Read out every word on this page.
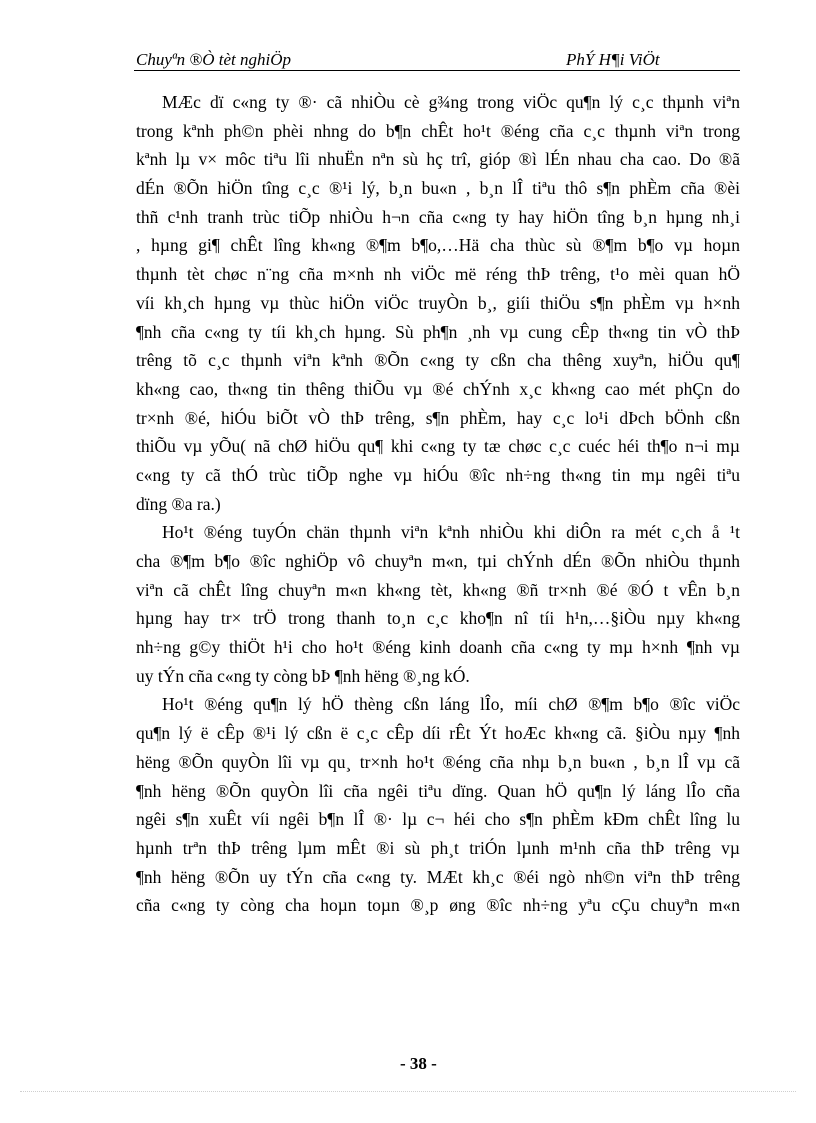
Chuyªn ®Ò tèt nghiÖp	PhÝ H¶i ViÖt
MÆc dï c«ng ty ®· cã nhiÒu cè g¾ng trong viÖc qu¶n lý c¸c thµnh viªn
trong kªnh ph©n phèi nhng do b¶n chÊt ho¹t ®éng cña c¸c thµnh viªn trong
kªnh lµ v× môc tiªu lîi nhuËn nªn sù hç trî, gióp ®ì lÉn nhau cha cao. Do ®ã
dÉn ®Õn hiÖn tîng c¸c ®¹i lý, b¸n bu«n , b¸n lÎ tiªu thô s¶n phÈm cña ®èi
thñ c¹nh tranh trùc tiÕp nhiÒu h¬n cña c«ng ty hay hiÖn tîng b¸n hµng nh¸i
, hµng gi¶ chÊt lîng kh«ng ®¶m b¶o,…Hä cha thùc sù ®¶m b¶o vµ hoµn
thµnh tèt chøc n¨ng cña m×nh nh viÖc më réng thÞ trêng, t¹o mèi quan hÖ
víi kh¸ch hµng vµ thùc hiÖn viÖc truyÒn b¸, giíi thiÖu s¶n phÈm vµ h×nh
¶nh cña c«ng ty tíi kh¸ch hµng. Sù ph¶n ¸nh vµ cung cÊp th«ng tin vÒ thÞ
trêng tõ c¸c thµnh viªn kªnh ®Õn c«ng ty cßn cha thêng xuyªn, hiÖu qu¶
kh«ng cao, th«ng tin thêng thiÕu vµ ®é chÝnh x¸c kh«ng cao mét phÇn do
tr×nh ®é, hiÓu biÕt vÒ thÞ trêng, s¶n phÈm, hay c¸c lo¹i dÞch bÖnh cßn
thiÕu vµ yÕu( nã chØ hiÖu qu¶ khi c«ng ty tæ chøc c¸c cuéc héi th¶o n¬i mµ
c«ng ty cã thÓ trùc tiÕp nghe vµ hiÓu ®îc nh÷ng th«ng tin mµ ngêi tiªu
dïng ®a ra.)
Ho¹t ®éng tuyÓn chän thµnh viªn kªnh nhiÒu khi diÔn ra mét c¸ch å ¹t
cha ®¶m b¶o ®îc nghiÖp vô chuyªn m«n, tµi chÝnh dÉn ®Õn nhiÒu thµnh
viªn cã chÊt lîng chuyªn m«n kh«ng tèt, kh«ng ®ñ tr×nh ®é ®Ó t vÊn b¸n
hµng hay tr× trÖ trong thanh to¸n c¸c kho¶n nî tíi h¹n,…§iÒu nµy kh«ng
nh÷ng g©y thiÖt h¹i cho ho¹t ®éng kinh doanh cña c«ng ty mµ h×nh ¶nh vµ
uy tÝn cña c«ng ty còng bÞ ¶nh hëng ®¸ng kÓ.
Ho¹t ®éng qu¶n lý hÖ thèng cßn láng lÎo, míi chØ ®¶m b¶o ®îc viÖc
qu¶n lý ë cÊp ®¹i lý cßn ë c¸c cÊp díi rÊt Ýt hoÆc kh«ng cã. §iÒu nµy ¶nh
hëng ®Õn quyÒn lîi vµ qu¸ tr×nh ho¹t ®éng cña nhµ b¸n bu«n , b¸n lÎ vµ cã
¶nh hëng ®Õn quyÒn lîi cña ngêi tiªu dïng. Quan hÖ qu¶n lý láng lÎo cña
ngêi s¶n xuÊt víi ngêi b¶n lÎ ®· lµ c¬ héi cho s¶n phÈm kÐm chÊt lîng lu
hµnh trªn thÞ trêng lµm mÊt ®i sù ph¸t triÓn lµnh m¹nh cña thÞ trêng vµ
¶nh hëng ®Õn uy tÝn cña c«ng ty. MÆt kh¸c ®éi ngò nh©n viªn thÞ trêng
cña c«ng ty còng cha hoµn toµn ®¸p øng ®îc nh÷ng yªu cÇu chuyªn m«n
- 38 -
